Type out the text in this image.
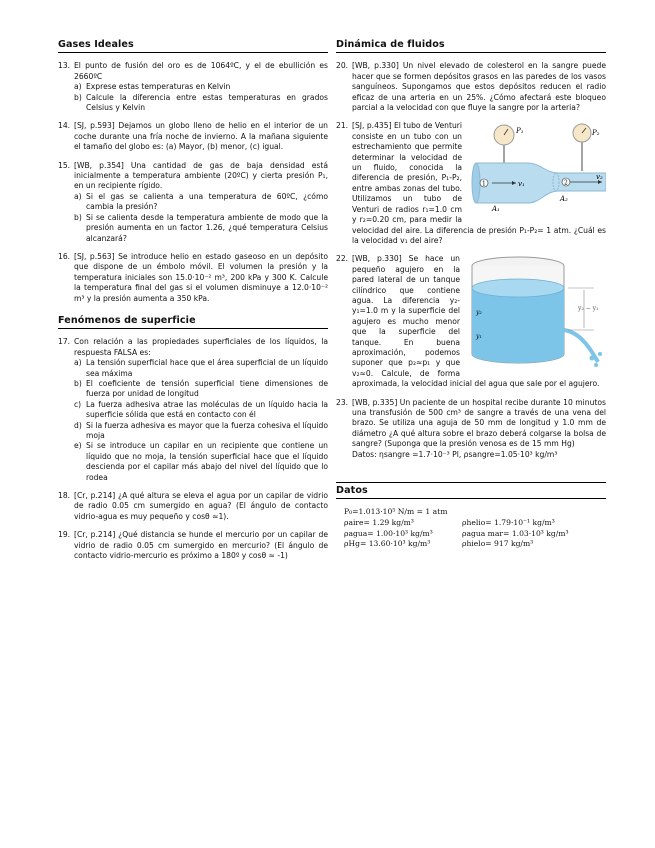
Gases Ideales
13. El punto de fusión del oro es de 1064ºC, y el de ebullición es 2660ºC

a) Exprese estas temperaturas en Kelvin
b) Calcule la diferencia entre estas temperaturas en grados Celsius y Kelvin
14. [SJ, p.593] Dejamos un globo lleno de helio en el interior de un coche durante una fría noche de invierno. A la mañana siguiente el tamaño del globo es: (a) Mayor, (b) menor, (c) igual.

15. [WB, p.354] Una cantidad de gas de baja densidad está inicialmente a temperatura ambiente (20ºC) y cierta presión P₁, en un recipiente rígido.

a) Si el gas se calienta a una temperatura de 60ºC, ¿cómo cambia la presión?
b) Si se calienta desde la temperatura ambiente de modo que la presión aumenta en un factor 1.26, ¿qué temperatura Celsius alcanzará?
16. [SJ, p.563] Se introduce helio en estado gaseoso en un depósito que dispone de un émbolo móvil. El volumen la presión y la temperatura iniciales son 15.0·10⁻² m³, 200 kPa y 300 K. Calcule la temperatura final del gas si el volumen disminuye a 12.0·10⁻² m³ y la presión aumenta a 350 kPa.

Fenómenos de superficie
17. Con relación a las propiedades superficiales de los líquidos, la respuesta FALSA es:

a) La tensión superficial hace que el área superficial de un líquido sea máxima
b) El coeficiente de tensión superficial tiene dimensiones de fuerza por unidad de longitud
c) La fuerza adhesiva atrae las moléculas de un líquido hacia la superficie sólida que está en contacto con él
d) Si la fuerza adhesiva es mayor que la fuerza cohesiva el líquido moja
e) Si se introduce un capilar en un recipiente que contiene un líquido que no moja, la tensión superficial hace que el líquido descienda por el capilar más abajo del nivel del líquido que lo rodea
18. [Cr, p.214] ¿A qué altura se eleva el agua por un capilar de vidrio de radio 0.05 cm sumergido en agua? (El ángulo de contacto vidrio-agua es muy pequeño y cosθ ≈1).

19. [Cr, p.214] ¿Qué distancia se hunde el mercurio por un capilar de vidrio de radio 0.05 cm sumergido en mercurio? (El ángulo de contacto vidrio-mercurio es próximo a 180º y cosθ ≈ -1)

Dinámica de fluidos
20. [WB, p.330] Un nivel elevado de colesterol en la sangre puede hacer que se formen depósitos grasos en las paredes de los vasos sanguíneos. Supongamos que estos depósitos reducen el radio eficaz de una arteria en un 25%. ¿Cómo afectará este bloqueo parcial a la velocidad con que fluye la sangre por la arteria?

21.
1	2
P₁	P₂
v₁
v₂
A₁
A₂

[SJ, p.435] El tubo de Venturi consiste en un tubo con un estrechamiento que permite determinar la velocidad de un fluido, conocida la diferencia de presión, P₁-P₂, entre ambas zonas del tubo. Utilizamos un tubo de Venturi de radios r₁=1.0 cm y r₂=0.20 cm, para medir la velocidad del aire. La diferencia de presión P₁-P₂= 1 atm. ¿Cuál es la velocidad v₁ del aire?

22.
y₂ − y₁
y₂
y₁

[WB, p.330] Se hace un pequeño agujero en la pared lateral de un tanque cilíndrico que contiene agua. La diferencia y₂-y₁=1.0 m y la superficie del agujero es mucho menor que la superficie del tanque. En buena aproximación, podemos suponer que p₂≈p₁ y que v₂≈0. Calcule, de forma aproximada, la velocidad inicial del agua que sale por el agujero.

23. [WB, p.335] Un paciente de un hospital recibe durante 10 minutos una transfusión de 500 cm³ de sangre a través de una vena del brazo. Se utiliza una aguja de 50 mm de longitud y 1.0 mm de diámetro ¿A qué altura sobre el brazo deberá colgarse la bolsa de sangre? (Suponga que la presión venosa es de 15 mm Hg)

Datos: ηsangre =1.7·10⁻³ Pl, ρsangre=1.05·10³ kg/m³

Datos
P₀=1.013·10⁵ N/m = 1 atm
ρaire= 1.29 kg/m³	ρhelio= 1.79·10⁻¹ kg/m³
ρagua= 1.00·10³ kg/m³	ρagua mar= 1.03·10³ kg/m³
ρHg= 13.60·10³ kg/m³	ρhielo= 917 kg/m³
